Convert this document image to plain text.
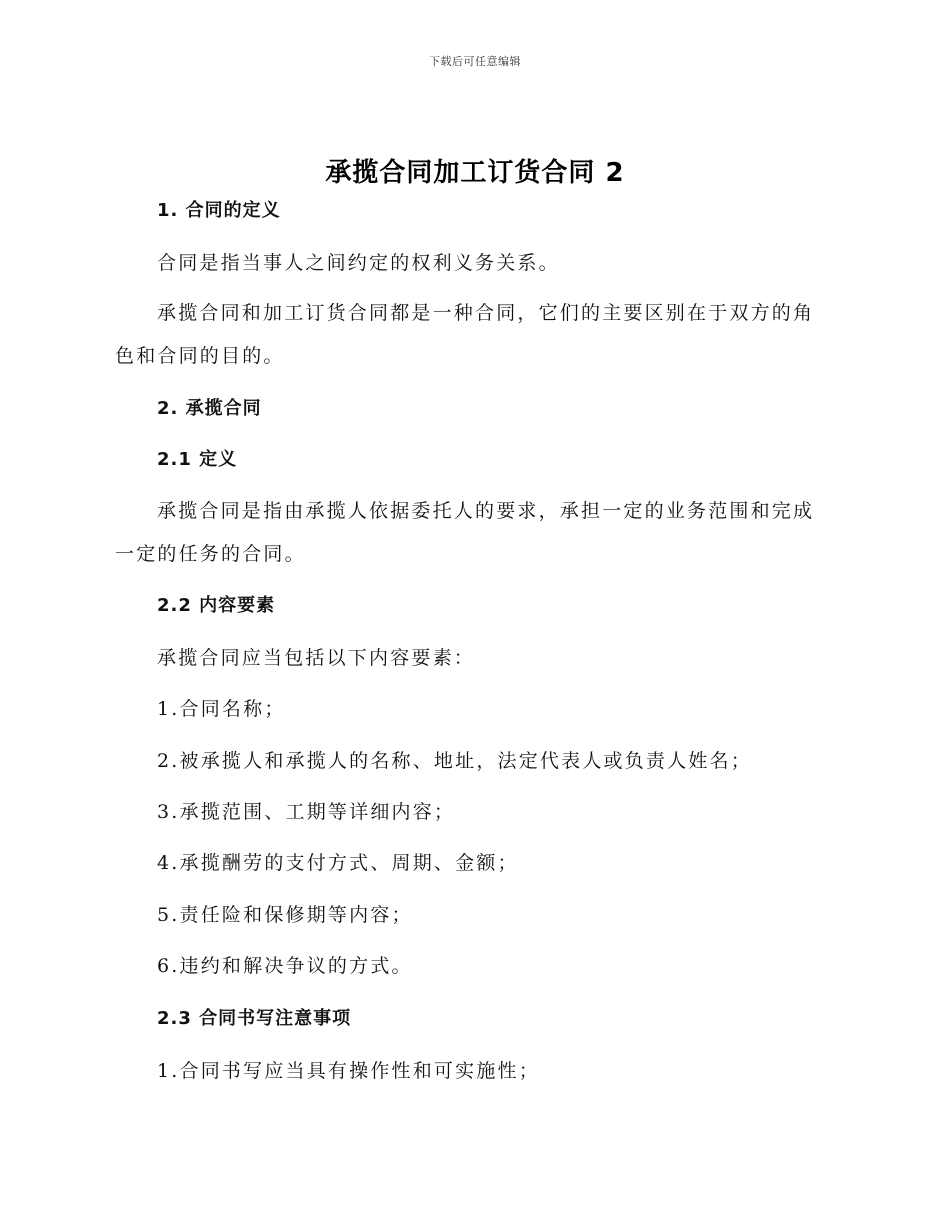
下载后可任意编辑
承揽合同加工订货合同 2
1. 合同的定义
合同是指当事人之间约定的权利义务关系。
承揽合同和加工订货合同都是一种合同，它们的主要区别在于双方的角
色和合同的目的。
2. 承揽合同
2.1 定义
承揽合同是指由承揽人依据委托人的要求，承担一定的业务范围和完成
一定的任务的合同。
2.2 内容要素
承揽合同应当包括以下内容要素：
1.合同名称；
2.被承揽人和承揽人的名称、地址，法定代表人或负责人姓名；
3.承揽范围、工期等详细内容；
4.承揽酬劳的支付方式、周期、金额；
5.责任险和保修期等内容；
6.违约和解决争议的方式。
2.3 合同书写注意事项
1.合同书写应当具有操作性和可实施性；
